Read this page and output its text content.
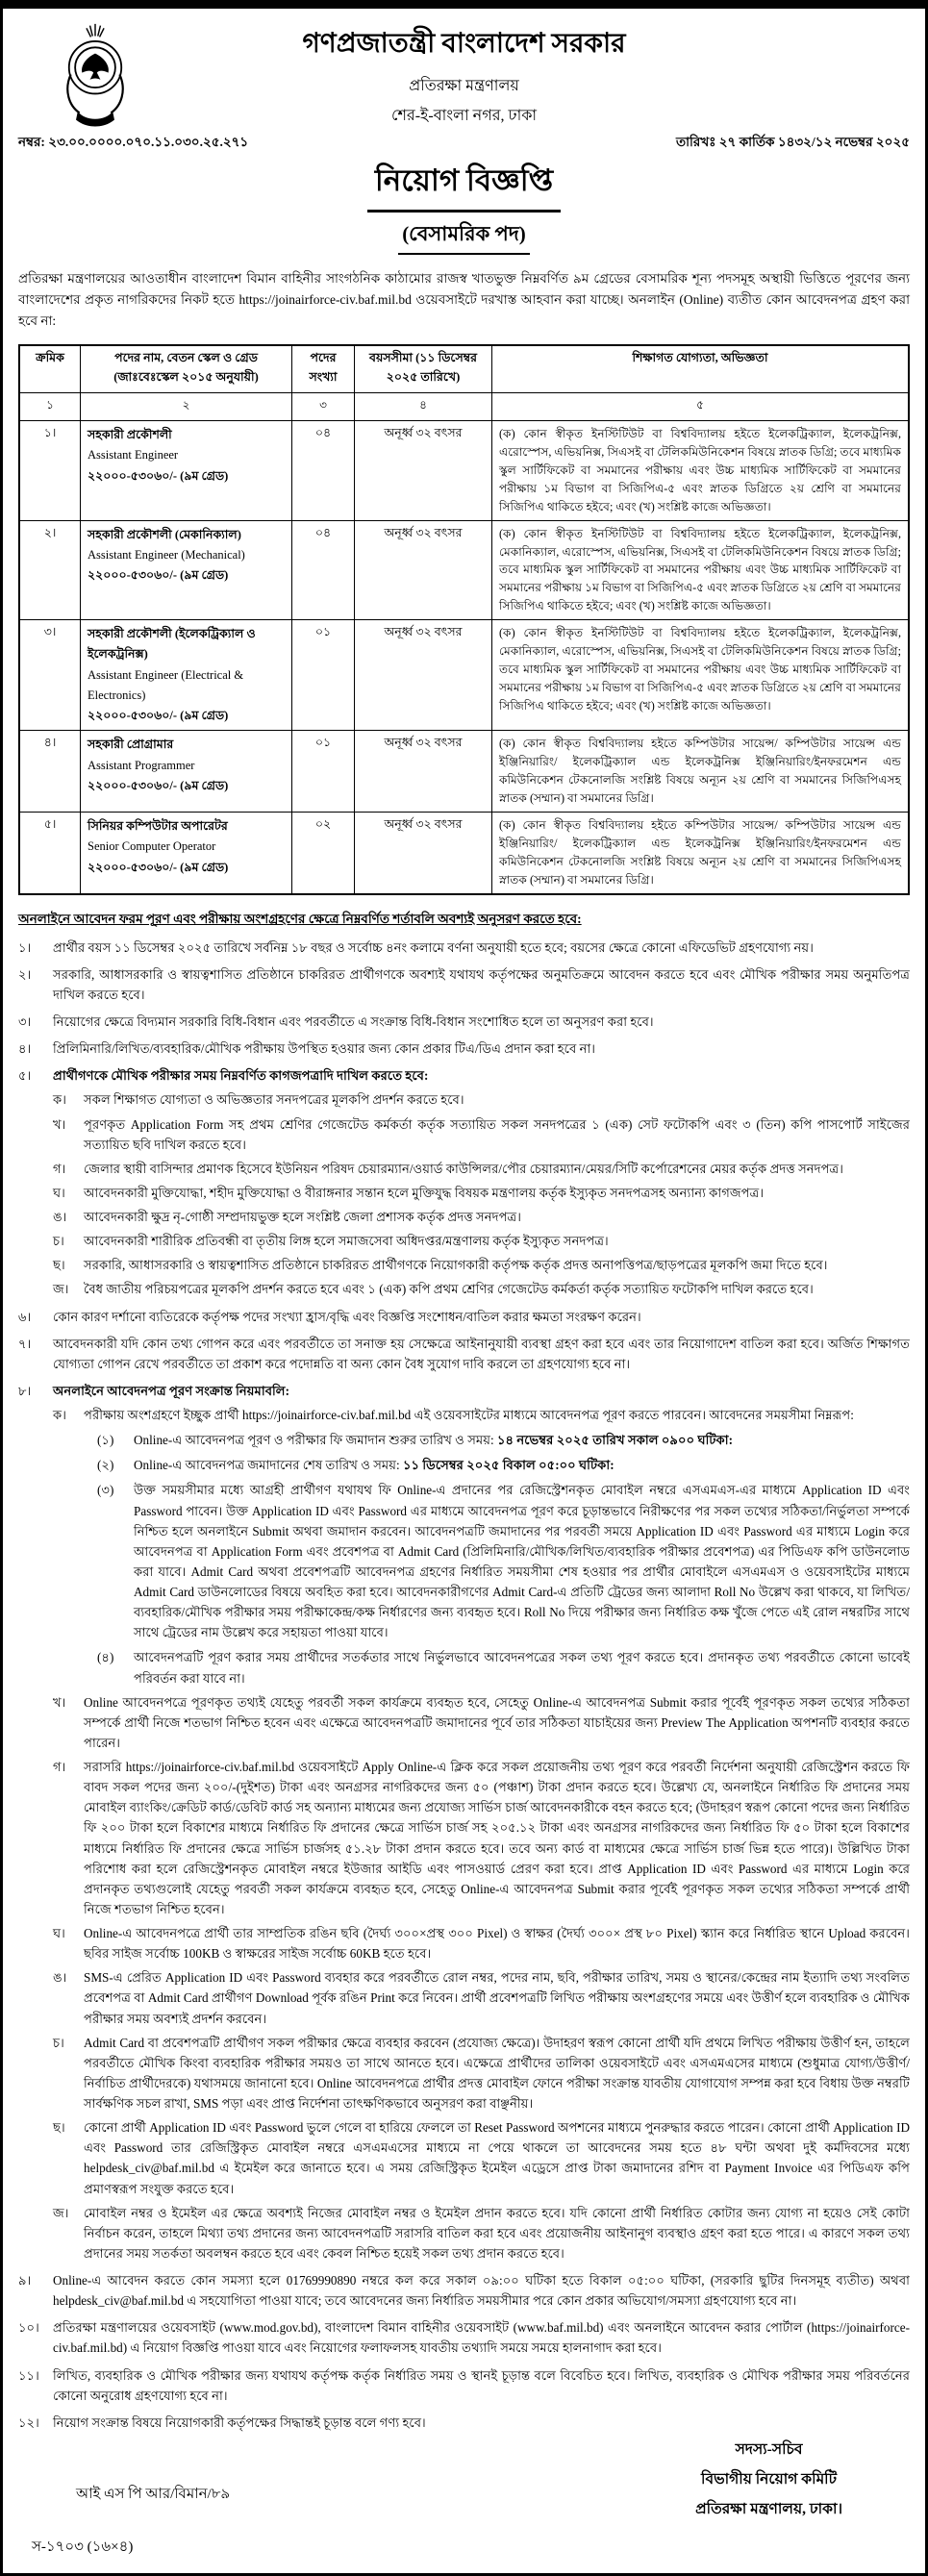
গণপ্রজাতন্ত্রী বাংলাদেশ সরকার
প্রতিরক্ষা মন্ত্রণালয়
শের-ই-বাংলা নগর, ঢাকা
নম্বর: ২৩.০০.০০০০.০৭০.১১.০৩০.২৫.২৭১	তারিখঃ ২৭ কার্তিক ১৪৩২/১২ নভেম্বর ২০২৫
নিয়োগ বিজ্ঞপ্তি
(বেসামরিক পদ)

প্রতিরক্ষা মন্ত্রণালয়ের আওতাধীন বাংলাদেশ বিমান বাহিনীর সাংগঠনিক কাঠামোর রাজস্ব খাতভুক্ত নিম্নবর্ণিত ৯ম গ্রেডের বেসামরিক শূন্য পদসমূহ অস্থায়ী ভিত্তিতে পূরণের জন্য বাংলাদেশের প্রকৃত নাগরিকদের নিকট হতে https://joinairforce-civ.baf.mil.bd ওয়েবসাইটে দরখাস্ত আহবান করা যাচ্ছে। অনলাইন (Online) ব্যতীত কোন আবেদনপত্র গ্রহণ করা হবে না:

ক্রমিক	পদের নাম, বেতন স্কেল ও গ্রেড (জাঃবেঃস্কেল ২০১৫ অনুযায়ী)	পদের সংখ্যা	বয়সসীমা (১১ ডিসেম্বর ২০২৫ তারিখে)	শিক্ষাগত যোগ্যতা, অভিজ্ঞতা
১	২	৩	৪	৫
১।	সহকারী প্রকৌশলী
Assistant Engineer
২২০০০-৫৩০৬০/- (৯ম গ্রেড)
	০৪	অনূর্ধ্ব ৩২ বৎসর	(ক) কোন স্বীকৃত ইনস্টিটিউট বা বিশ্ববিদ্যালয় হইতে ইলেকট্রিক্যাল, ইলেকট্রনিক্স, এরোস্পেস, এভিয়নিক্স, সিএসই বা টেলিকমিউনিকেশন বিষয়ে স্নাতক ডিগ্রি; তবে মাধ্যমিক স্কুল সার্টিফিকেট বা সমমানের পরীক্ষায় এবং উচ্চ মাধ্যমিক সার্টিফিকেট বা সমমানের পরীক্ষায় ১ম বিভাগ বা সিজিপিএ-৫ এবং স্নাতক ডিগ্রিতে ২য় শ্রেণি বা সমমানের সিজিপিএ থাকিতে হইবে; এবং (খ) সংশ্লিষ্ট কাজে অভিজ্ঞতা।
২।	সহকারী প্রকৌশলী (মেকানিক্যাল)
Assistant Engineer (Mechanical)
২২০০০-৫৩০৬০/- (৯ম গ্রেড)
	০৪	অনূর্ধ্ব ৩২ বৎসর	(ক) কোন স্বীকৃত ইনস্টিটিউট বা বিশ্ববিদ্যালয় হইতে ইলেকট্রিক্যাল, ইলেকট্রনিক্স, মেকানিক্যাল, এরোস্পেস, এভিয়নিক্স, সিএসই বা টেলিকমিউনিকেশন বিষয়ে স্নাতক ডিগ্রি; তবে মাধ্যমিক স্কুল সার্টিফিকেট বা সমমানের পরীক্ষায় এবং উচ্চ মাধ্যমিক সার্টিফিকেট বা সমমানের পরীক্ষায় ১ম বিভাগ বা সিজিপিএ-৫ এবং স্নাতক ডিগ্রিতে ২য় শ্রেণি বা সমমানের সিজিপিএ থাকিতে হইবে; এবং (খ) সংশ্লিষ্ট কাজে অভিজ্ঞতা।
৩।	সহকারী প্রকৌশলী (ইলেকট্রিক্যাল ও ইলেকট্রনিক্স)
Assistant Engineer (Electrical & Electronics)
২২০০০-৫৩০৬০/- (৯ম গ্রেড)
	০১	অনূর্ধ্ব ৩২ বৎসর	(ক) কোন স্বীকৃত ইনস্টিটিউট বা বিশ্ববিদ্যালয় হইতে ইলেকট্রিক্যাল, ইলেকট্রনিক্স, মেকানিক্যাল, এরোস্পেস, এভিয়নিক্স, সিএসই বা টেলিকমিউনিকেশন বিষয়ে স্নাতক ডিগ্রি; তবে মাধ্যমিক স্কুল সার্টিফিকেট বা সমমানের পরীক্ষায় এবং উচ্চ মাধ্যমিক সার্টিফিকেট বা সমমানের পরীক্ষায় ১ম বিভাগ বা সিজিপিএ-৫ এবং স্নাতক ডিগ্রিতে ২য় শ্রেণি বা সমমানের সিজিপিএ থাকিতে হইবে; এবং (খ) সংশ্লিষ্ট কাজে অভিজ্ঞতা।
৪।	সহকারী প্রোগ্রামার
Assistant Programmer
২২০০০-৫৩০৬০/- (৯ম গ্রেড)
	০১	অনূর্ধ্ব ৩২ বৎসর	(ক) কোন স্বীকৃত বিশ্ববিদ্যালয় হইতে কম্পিউটার সায়েন্স/ কম্পিউটার সায়েন্স এন্ড ইঞ্জিনিয়ারিং/ ইলেকট্রিক্যাল এন্ড ইলেকট্রনিক্স ইঞ্জিনিয়ারিং/ইনফরমেশন এন্ড কমিউনিকেশন টেকনোলজি সংশ্লিষ্ট বিষয়ে অন্যূন ২য় শ্রেণি বা সমমানের সিজিপিএসহ স্নাতক (সম্মান) বা সমমানের ডিগ্রি।
৫।	সিনিয়র কম্পিউটার অপারেটর
Senior Computer Operator
২২০০০-৫৩০৬০/- (৯ম গ্রেড)
	০২	অনূর্ধ্ব ৩২ বৎসর	(ক) কোন স্বীকৃত বিশ্ববিদ্যালয় হইতে কম্পিউটার সায়েন্স/ কম্পিউটার সায়েন্স এন্ড ইঞ্জিনিয়ারিং/ ইলেকট্রিক্যাল এন্ড ইলেকট্রনিক্স ইঞ্জিনিয়ারিং/ইনফরমেশন এন্ড কমিউনিকেশন টেকনোলজি সংশ্লিষ্ট বিষয়ে অন্যূন ২য় শ্রেণি বা সমমানের সিজিপিএসহ স্নাতক (সম্মান) বা সমমানের ডিগ্রি।
অনলাইনে আবেদন ফরম পূরণ এবং পরীক্ষায় অংশগ্রহণের ক্ষেত্রে নিম্নবর্ণিত শর্তাবলি অবশ্যই অনুসরণ করতে হবে:
১।	প্রার্থীর বয়স ১১ ডিসেম্বর ২০২৫ তারিখে সর্বনিম্ন ১৮ বছর ও সর্বোচ্চ ৪নং কলামে বর্ণনা অনুযায়ী হতে হবে; বয়সের ক্ষেত্রে কোনো এফিডেভিট গ্রহণযোগ্য নয়।
২।	সরকারি, আধাসরকারি ও স্বায়ত্বশাসিত প্রতিষ্ঠানে চাকরিরত প্রার্থীগণকে অবশ্যই যথাযথ কর্তৃপক্ষের অনুমতিক্রমে আবেদন করতে হবে এবং মৌখিক পরীক্ষার সময় অনুমতিপত্র দাখিল করতে হবে।
৩।	নিয়োগের ক্ষেত্রে বিদ্যমান সরকারি বিধি-বিধান এবং পরবর্তীতে এ সংক্রান্ত বিধি-বিধান সংশোধিত হলে তা অনুসরণ করা হবে।
৪।	প্রিলিমিনারি/লিখিত/ব্যবহারিক/মৌখিক পরীক্ষায় উপস্থিত হওয়ার জন্য কোন প্রকার টিএ/ডিএ প্রদান করা হবে না।
৫।	প্রার্থীগণকে মৌখিক পরীক্ষার সময় নিম্নবর্ণিত কাগজপত্রাদি দাখিল করতে হবে:
ক।	সকল শিক্ষাগত যোগ্যতা ও অভিজ্ঞতার সনদপত্রের মূলকপি প্রদর্শন করতে হবে।
খ।	পূরণকৃত Application Form সহ প্রথম শ্রেণির গেজেটেড কর্মকর্তা কর্তৃক সত্যায়িত সকল সনদপত্রের ১ (এক) সেট ফটোকপি এবং ৩ (তিন) কপি পাসপোর্ট সাইজের সত্যায়িত ছবি দাখিল করতে হবে।
গ।	জেলার স্থায়ী বাসিন্দার প্রমাণক হিসেবে ইউনিয়ন পরিষদ চেয়ারম্যান/ওয়ার্ড কাউন্সিলর/পৌর চেয়ারম্যান/মেয়র/সিটি কর্পোরেশনের মেয়র কর্তৃক প্রদত্ত সনদপত্র।
ঘ।	আবেদনকারী মুক্তিযোদ্ধা, শহীদ মুক্তিযোদ্ধা ও বীরাঙ্গনার সন্তান হলে মুক্তিযুদ্ধ বিষয়ক মন্ত্রণালয় কর্তৃক ইস্যুকৃত সনদপত্রসহ অন্যান্য কাগজপত্র।
ঙ।	আবেদনকারী ক্ষুদ্র নৃ-গোষ্ঠী সম্প্রদায়ভুক্ত হলে সংশ্লিষ্ট জেলা প্রশাসক কর্তৃক প্রদত্ত সনদপত্র।
চ।	আবেদনকারী শারীরিক প্রতিবন্ধী বা তৃতীয় লিঙ্গ হলে সমাজসেবা অধিদপ্তর/মন্ত্রণালয় কর্তৃক ইস্যুকৃত সনদপত্র।
ছ।	সরকারি, আধাসরকারি ও স্বায়ত্বশাসিত প্রতিষ্ঠানে চাকরিরত প্রার্থীগণকে নিয়োগকারী কর্তৃপক্ষ কর্তৃক প্রদত্ত অনাপত্তিপত্র/ছাড়পত্রের মূলকপি জমা দিতে হবে।
জ।	বৈধ জাতীয় পরিচয়পত্রের মূলকপি প্রদর্শন করতে হবে এবং ১ (এক) কপি প্রথম শ্রেণির গেজেটেড কর্মকর্তা কর্তৃক সত্যায়িত ফটোকপি দাখিল করতে হবে।
৬।	কোন কারণ দর্শানো ব্যতিরেকে কর্তৃপক্ষ পদের সংখ্যা হ্রাস/বৃদ্ধি এবং বিজ্ঞপ্তি সংশোধন/বাতিল করার ক্ষমতা সংরক্ষণ করেন।
৭।	আবেদনকারী যদি কোন তথ্য গোপন করে এবং পরবর্তীতে তা সনাক্ত হয় সেক্ষেত্রে আইনানুযায়ী ব্যবস্থা গ্রহণ করা হবে এবং তার নিয়োগাদেশ বাতিল করা হবে। অর্জিত শিক্ষাগত যোগ্যতা গোপন রেখে পরবর্তীতে তা প্রকাশ করে পদোন্নতি বা অন্য কোন বৈধ সুযোগ দাবি করলে তা গ্রহণযোগ্য হবে না।
৮।	অনলাইনে আবেদনপত্র পূরণ সংক্রান্ত নিয়মাবলি:
ক।	পরীক্ষায় অংশগ্রহণে ইচ্ছুক প্রার্থী https://joinairforce-civ.baf.mil.bd এই ওয়েবসাইটের মাধ্যমে আবেদনপত্র পূরণ করতে পারবেন। আবেদনের সময়সীমা নিম্নরূপ:
(১)	Online-এ আবেদনপত্র পূরণ ও পরীক্ষার ফি জমাদান শুরুর তারিখ ও সময়: ১৪ নভেম্বর ২০২৫ তারিখ সকাল ০৯০০ ঘটিকা:
(২)	Online-এ আবেদনপত্র জমাদানের শেষ তারিখ ও সময়: ১১ ডিসেম্বর ২০২৫ বিকাল ০৫:০০ ঘটিকা:
(৩)	উক্ত সময়সীমার মধ্যে আগ্রহী প্রার্থীগণ যথাযথ ফি Online-এ প্রদানের পর রেজিস্ট্রেশনকৃত মোবাইল নম্বরে এসএমএস-এর মাধ্যমে Application ID এবং Password পাবেন। উক্ত Application ID এবং Password এর মাধ্যমে আবেদনপত্র পূরণ করে চূড়ান্তভাবে নিরীক্ষণের পর সকল তথ্যের সঠিকতা/নির্ভুলতা সম্পর্কে নিশ্চিত হলে অনলাইনে Submit অথবা জমাদান করবেন। আবেদনপত্রটি জমাদানের পর পরবর্তী সময়ে Application ID এবং Password এর মাধ্যমে Login করে আবেদনপত্র বা Application Form এবং প্রবেশপত্র বা Admit Card (প্রিলিমিনারি/মৌখিক/লিখিত/ব্যবহারিক পরীক্ষার প্রবেশপত্র) এর পিডিএফ কপি ডাউনলোড করা যাবে। Admit Card অথবা প্রবেশপত্রটি আবেদনপত্র গ্রহণের নির্ধারিত সময়সীমা শেষ হওয়ার পর প্রার্থীর মোবাইলে এসএমএস ও ওয়েবসাইটের মাধ্যমে Admit Card ডাউনলোডের বিষয়ে অবহিত করা হবে। আবেদনকারীগণের Admit Card-এ প্রতিটি ট্রেডের জন্য আলাদা Roll No উল্লেখ করা থাকবে, যা লিখিত/ব্যবহারিক/মৌখিক পরীক্ষার সময় পরীক্ষাকেন্দ্র/কক্ষ নির্ধারণের জন্য ব্যবহৃত হবে। Roll No দিয়ে পরীক্ষার জন্য নির্ধারিত কক্ষ খুঁজে পেতে এই রোল নম্বরটির সাথে সাথে ট্রেডের নাম উল্লেখ করে সহায়তা পাওয়া যাবে।
(৪)	আবেদনপত্রটি পূরণ করার সময় প্রার্থীদের সতর্কতার সাথে নির্ভুলভাবে আবেদনপত্রের সকল তথ্য পূরণ করতে হবে। প্রদানকৃত তথ্য পরবর্তীতে কোনো ভাবেই পরিবর্তন করা যাবে না।
খ।	Online আবেদনপত্রে পূরণকৃত তথ্যই যেহেতু পরবর্তী সকল কার্যক্রমে ব্যবহৃত হবে, সেহেতু Online-এ আবেদনপত্র Submit করার পূর্বেই পূরণকৃত সকল তথ্যের সঠিকতা সম্পর্কে প্রার্থী নিজে শতভাগ নিশ্চিত হবেন এবং এক্ষেত্রে আবেদনপত্রটি জমাদানের পূর্বে তার সঠিকতা যাচাইয়ের জন্য Preview The Application অপশনটি ব্যবহার করতে পারেন।
গ।	সরাসরি https://joinairforce-civ.baf.mil.bd ওয়েবসাইটে Apply Online-এ ক্লিক করে সকল প্রয়োজনীয় তথ্য পূরণ করে পরবর্তী নির্দেশনা অনুযায়ী রেজিস্ট্রেশন করতে ফি বাবদ সকল পদের জন্য ২০০/-(দুইশত) টাকা এবং অনগ্রসর নাগরিকদের জন্য ৫০ (পঞ্চাশ) টাকা প্রদান করতে হবে। উল্লেখ্য যে, অনলাইনে নির্ধারিত ফি প্রদানের সময় মোবাইল ব্যাংকিং/ক্রেডিট কার্ড/ডেবিট কার্ড সহ অন্যান্য মাধ্যমের জন্য প্রযোজ্য সার্ভিস চার্জ আবেদনকারীকে বহন করতে হবে; (উদাহরণ স্বরূপ কোনো পদের জন্য নির্ধারিত ফি ২০০ টাকা হলে বিকাশের মাধ্যমে নির্ধারিত ফি প্রদানের ক্ষেত্রে সার্ভিস চার্জ সহ ২০৫.১২ টাকা এবং অনগ্রসর নাগরিকদের জন্য নির্ধারিত ফি ৫০ টাকা হলে বিকাশের মাধ্যমে নির্ধারিত ফি প্রদানের ক্ষেত্রে সার্ভিস চার্জসহ ৫১.২৮ টাকা প্রদান করতে হবে। তবে অন্য কার্ড বা মাধ্যমের ক্ষেত্রে সার্ভিস চার্জ ভিন্ন হতে পারে)। উল্লিখিত টাকা পরিশোধ করা হলে রেজিস্ট্রেশনকৃত মোবাইল নম্বরে ইউজার আইডি এবং পাসওয়ার্ড প্রেরণ করা হবে। প্রাপ্ত Application ID এবং Password এর মাধ্যমে Login করে প্রদানকৃত তথ্যগুলোই যেহেতু পরবর্তী সকল কার্যক্রমে ব্যবহৃত হবে, সেহেতু Online-এ আবেদনপত্র Submit করার পূর্বেই পূরণকৃত সকল তথ্যের সঠিকতা সম্পর্কে প্রার্থী নিজে শতভাগ নিশ্চিত হবেন।
ঘ।	Online-এ আবেদনপত্রে প্রার্থী তার সাম্প্রতিক রঙিন ছবি (দৈর্ঘ্য ৩০০×প্রস্থ ৩০০ Pixel) ও স্বাক্ষর (দৈর্ঘ্য ৩০০× প্রস্থ ৮০ Pixel) স্ক্যান করে নির্ধারিত স্থানে Upload করবেন। ছবির সাইজ সর্বোচ্চ 100KB ও স্বাক্ষরের সাইজ সর্বোচ্চ 60KB হতে হবে।
ঙ।	SMS-এ প্রেরিত Application ID এবং Password ব্যবহার করে পরবর্তীতে রোল নম্বর, পদের নাম, ছবি, পরীক্ষার তারিখ, সময় ও স্থানের/কেন্দ্রের নাম ইত্যাদি তথ্য সংবলিত প্রবেশপত্র বা Admit Card প্রার্থীগণ Download পূর্বক রঙিন Print করে নিবেন। প্রার্থী প্রবেশপত্রটি লিখিত পরীক্ষায় অংশগ্রহণের সময়ে এবং উত্তীর্ণ হলে ব্যবহারিক ও মৌখিক পরীক্ষার সময় অবশ্যই প্রদর্শন করবেন।
চ।	Admit Card বা প্রবেশপত্রটি প্রার্থীগণ সকল পরীক্ষার ক্ষেত্রে ব্যবহার করবেন (প্রযোজ্য ক্ষেত্রে)। উদাহরণ স্বরূপ কোনো প্রার্থী যদি প্রথমে লিখিত পরীক্ষায় উত্তীর্ণ হন, তাহলে পরবর্তীতে মৌখিক কিংবা ব্যবহারিক পরীক্ষার সময়ও তা সাথে আনতে হবে। এক্ষেত্রে প্রার্থীদের তালিকা ওয়েবসাইটে এবং এসএমএসের মাধ্যমে (শুধুমাত্র যোগ্য/উত্তীর্ণ/নির্বাচিত প্রার্থীদেরকে) যথাসময়ে জানানো হবে। Online আবেদনপত্রে প্রার্থীর প্রদত্ত মোবাইল ফোনে পরীক্ষা সংক্রান্ত যাবতীয় যোগাযোগ সম্পন্ন করা হবে বিধায় উক্ত নম্বরটি সার্বক্ষণিক সচল রাখা, SMS পড়া এবং প্রাপ্ত নির্দেশনা তাৎক্ষণিকভাবে অনুসরণ করা বাঞ্ছনীয়।
ছ।	কোনো প্রার্থী Application ID এবং Password ভুলে গেলে বা হারিয়ে ফেললে তা Reset Password অপশনের মাধ্যমে পুনরুদ্ধার করতে পারেন। কোনো প্রার্থী Application ID এবং Password তার রেজিস্ট্রিকৃত মোবাইল নম্বরে এসএমএসের মাধ্যমে না পেয়ে থাকলে তা আবেদনের সময় হতে ৪৮ ঘন্টা অথবা দুই কর্মদিবসের মধ্যে helpdesk_civ@baf.mil.bd এ ইমেইল করে জানাতে হবে। এ সময় রেজিস্ট্রিকৃত ইমেইল এড্রেসে প্রাপ্ত টাকা জমাদানের রশিদ বা Payment Invoice এর পিডিএফ কপি প্রমাণস্বরূপ সংযুক্ত করতে হবে।
জ।	মোবাইল নম্বর ও ইমেইল এর ক্ষেত্রে অবশ্যই নিজের মোবাইল নম্বর ও ইমেইল প্রদান করতে হবে। যদি কোনো প্রার্থী নির্ধারিত কোটার জন্য যোগ্য না হয়েও সেই কোটা নির্বাচন করেন, তাহলে মিথ্যা তথ্য প্রদানের জন্য আবেদনপত্রটি সরাসরি বাতিল করা হবে এবং প্রয়োজনীয় আইনানুগ ব্যবস্থাও গ্রহণ করা হতে পারে। এ কারণে সকল তথ্য প্রদানের সময় সতর্কতা অবলম্বন করতে হবে এবং কেবল নিশ্চিত হয়েই সকল তথ্য প্রদান করতে হবে।
৯।	Online-এ আবেদন করতে কোন সমস্যা হলে 01769990890 নম্বরে কল করে সকাল ০৯:০০ ঘটিকা হতে বিকাল ০৫:০০ ঘটিকা, (সরকারি ছুটির দিনসমূহ ব্যতীত) অথবা helpdesk_civ@baf.mil.bd এ সহযোগিতা পাওয়া যাবে; তবে আবেদনের জন্য নির্ধারিত সময়সীমার পরে কোন প্রকার অভিযোগ/সমস্যা গ্রহণযোগ্য হবে না।
১০।	প্রতিরক্ষা মন্ত্রণালয়ের ওয়েবসাইট (www.mod.gov.bd), বাংলাদেশ বিমান বাহিনীর ওয়েবসাইট (www.baf.mil.bd) এবং অনলাইনে আবেদন করার পোর্টাল (https://joinairforce-civ.baf.mil.bd) এ নিয়োগ বিজ্ঞপ্তি পাওয়া যাবে এবং নিয়োগের ফলাফলসহ যাবতীয় তথ্যাদি সময়ে সময়ে হালনাগাদ করা হবে।
১১।	লিখিত, ব্যবহারিক ও মৌখিক পরীক্ষার জন্য যথাযথ কর্তৃপক্ষ কর্তৃক নির্ধারিত সময় ও স্থানই চূড়ান্ত বলে বিবেচিত হবে। লিখিত, ব্যবহারিক ও মৌখিক পরীক্ষার সময় পরিবর্তনের কোনো অনুরোধ গ্রহণযোগ্য হবে না।
১২।	নিয়োগ সংক্রান্ত বিষয়ে নিয়োগকারী কর্তৃপক্ষের সিদ্ধান্তই চূড়ান্ত বলে গণ্য হবে।
আই এস পি আর/বিমান/৮৯
স-১৭০৩ (১৬×৪)
সদস্য-সচিব
বিভাগীয় নিয়োগ কমিটি
প্রতিরক্ষা মন্ত্রণালয়, ঢাকা।
